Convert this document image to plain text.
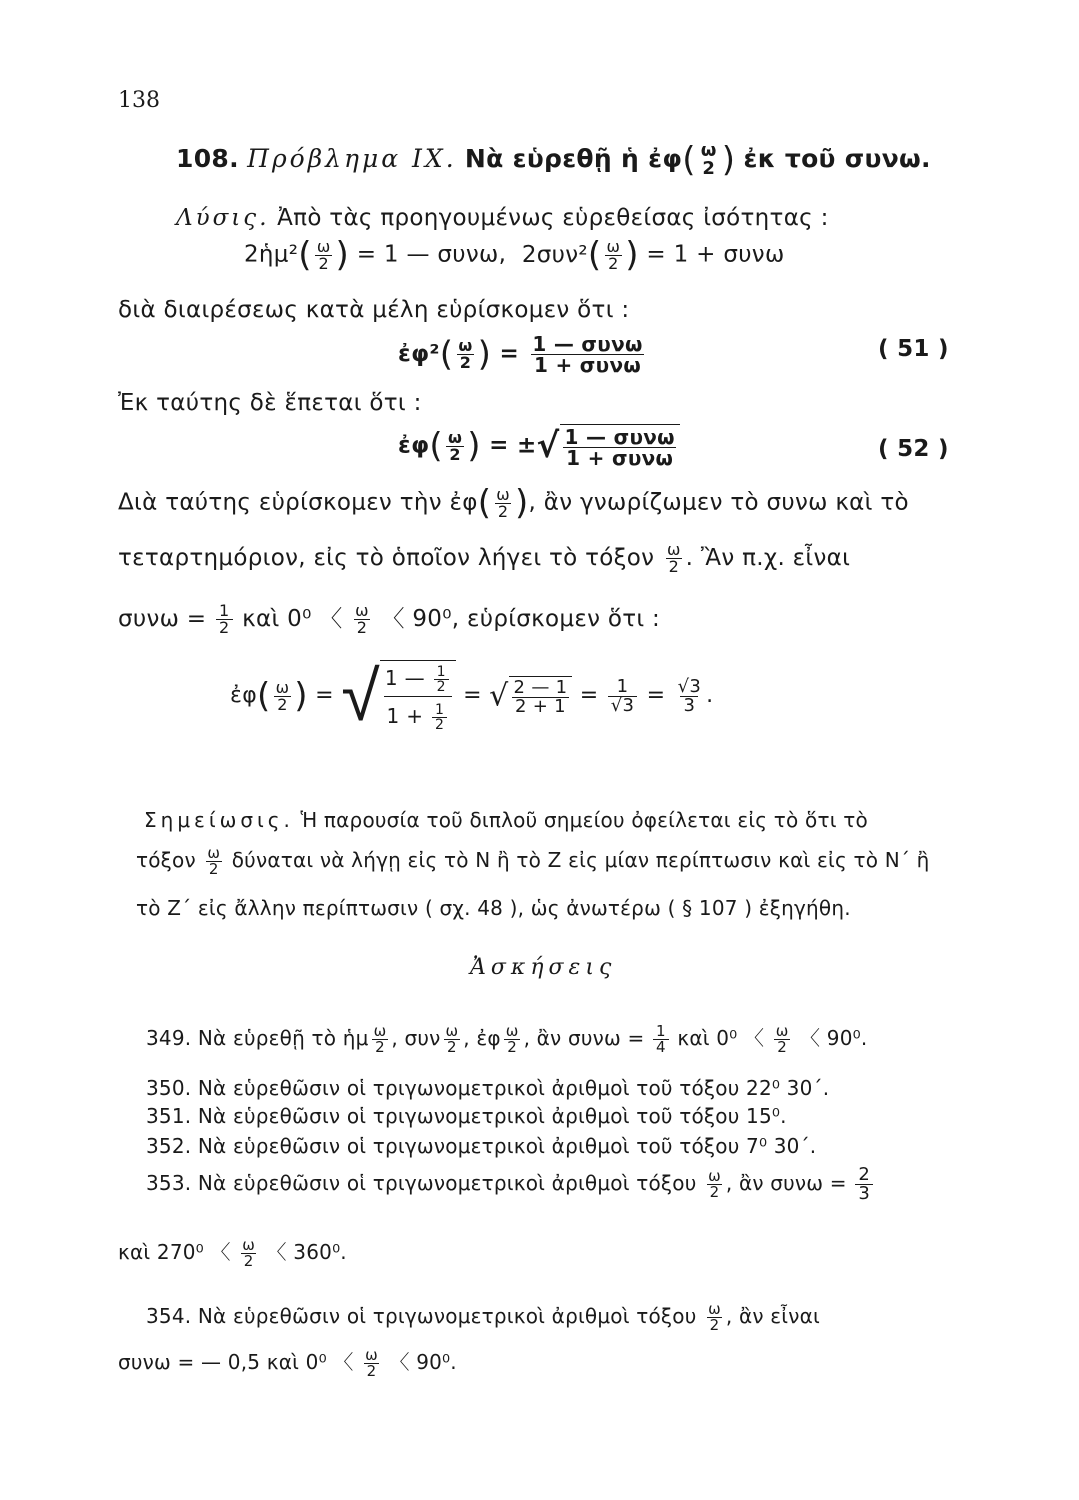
138
108. Πρόβλημα IX. Νὰ εὑρεθῇ ἡ ἐφ( ω
2 ) ἐκ τοῦ συνω.
Λύσις. Ἀπὸ τὰς προηγουμένως εὑρεθείσας ἰσότητας :
2ἡμ²( $\frac{\omega}{2}$ ) = 1 — συνω, $2\sigma\upsilon\nu^2( \frac{\omega}{2}$ ) = 1 + συνω
διὰ διαιρέσεως κατὰ μέλη εὑρίσκομεν ὅτι :
ἐφ²( $\frac{\omega}{2}$ ) = $\frac{\text{1 — συνω}}{\text{1 + συνω}}$	( 51 )
Ἐκ ταύτης δὲ ἕπεται ὅτι :
ἐφ( $\frac{\omega}{2}$ ) = ±√ $\frac{\text{1 — συνω}}{\text{1 + συνω}}$	( 52 )
Διὰ ταύτης εὑρίσκομεν τὴν ἐφ( $\frac{\omega}{2}$ ), ἂν γνωρίζωμεν τὸ συνω καὶ τὸ
τεταρτημόριον, εἰς τὸ ὁποῖον λήγει τὸ τόξον $\frac{\omega}{2}$ . Ἂν π.χ. εἶναι
$\sigma\upsilon\nu\omega = \frac{1}{2}$ καὶ 0⁰ 〈 $\frac{\omega}{2}$ 〈 90⁰, εὑρίσκομεν ὅτι :
ἐφ( $\frac{\omega}{2}$ ) = √ $\frac{1 — \frac{1}{2}}{1 + \frac{1}{2}}$ = √ $\frac{2 — 1}{2 + 1} = \frac{1}{√3} = \frac{√3}{3}$ .
Σημείωσις. Ἡ παρουσία τοῦ διπλοῦ σημείου ὀφείλεται εἰς τὸ ὅτι τὸ
τόξον $\frac{\omega}{2}$ δύναται νὰ λήγῃ εἰς τὸ Ν ἢ τὸ Ζ εἰς μίαν περίπτωσιν καὶ εἰς τὸ Ν΄ ἢ
τὸ Ζ΄ εἰς ἄλλην περίπτωσιν ( σχ. 48 ), ὡς ἀνωτέρω ( § 107 ) ἐξηγήθη.
Ἀσκήσεις
349. Νὰ εὑρεθῇ τὸ ἡμ $\frac{\omega}{2}$ , συν $\frac{\omega}{2}$ , ἐφ $\frac{\omega}{2}$ , ἂν $\sigma\upsilon\nu\omega = \frac{1}{4}$ καὶ 0⁰ 〈 $\frac{\omega}{2}$ 〈 90⁰.
350. Νὰ εὑρεθῶσιν οἱ τριγωνομετρικοὶ ἀριθμοὶ τοῦ τόξου 22⁰ 30΄.
351. Νὰ εὑρεθῶσιν οἱ τριγωνομετρικοὶ ἀριθμοὶ τοῦ τόξου 15⁰.
352. Νὰ εὑρεθῶσιν οἱ τριγωνομετρικοὶ ἀριθμοὶ τοῦ τόξου 7⁰ 30΄.
353. Νὰ εὑρεθῶσιν οἱ τριγωνομετρικοὶ ἀριθμοὶ τόξου $\frac{\omega}{2}$ , ἂν $\sigma\upsilon\nu\omega = \frac{2}{3}$
καὶ 270⁰ 〈 $\frac{\omega}{2}$ 〈 360⁰.
354. Νὰ εὑρεθῶσιν οἱ τριγωνομετρικοὶ ἀριθμοὶ τόξου $\frac{\omega}{2}$ , ἂν εἶναι
συνω = — 0,5 καὶ 0⁰ 〈 $\frac{\omega}{2}$ 〈 90⁰.
